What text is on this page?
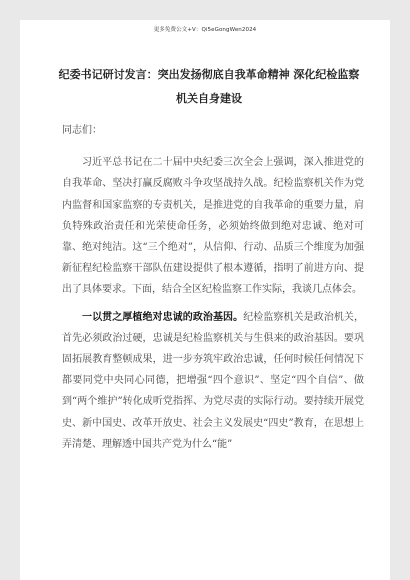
更多免费公文+V：Qi5eGongWen2024
纪委书记研讨发言：突出发扬彻底自我革命精神 深化纪检监察机关自身建设

同志们：

习近平总书记在二十届中央纪委三次全会上强调，深入推进党的自我革命、坚决打赢反腐败斗争攻坚战持久战。纪检监察机关作为党内监督和国家监察的专责机关，是推进党的自我革命的重要力量，肩负特殊政治责任和光荣使命任务，必须始终做到绝对忠诚、绝对可靠、绝对纯洁。这“三个绝对”，从信仰、行动、品质三个维度为加强新征程纪检监察干部队伍建设提供了根本遵循，指明了前进方向、提出了具体要求。下面，结合全区纪检监察工作实际，我谈几点体会。

一以贯之厚植绝对忠诚的政治基因。纪检监察机关是政治机关，首先必须政治过硬，忠诚是纪检监察机关与生俱来的政治基因。要巩固拓展教育整顿成果，进一步夯筑牢政治忠诚，任何时候任何情况下都要同党中央同心同德，把增强“四个意识”、坚定“四个自信”、做到“两个维护”转化成听党指挥、为党尽责的实际行动。要持续开展党史、新中国史、改革开放史、社会主义发展史“四史”教育，在思想上弄清楚、理解透中国共产党为什么“能”
